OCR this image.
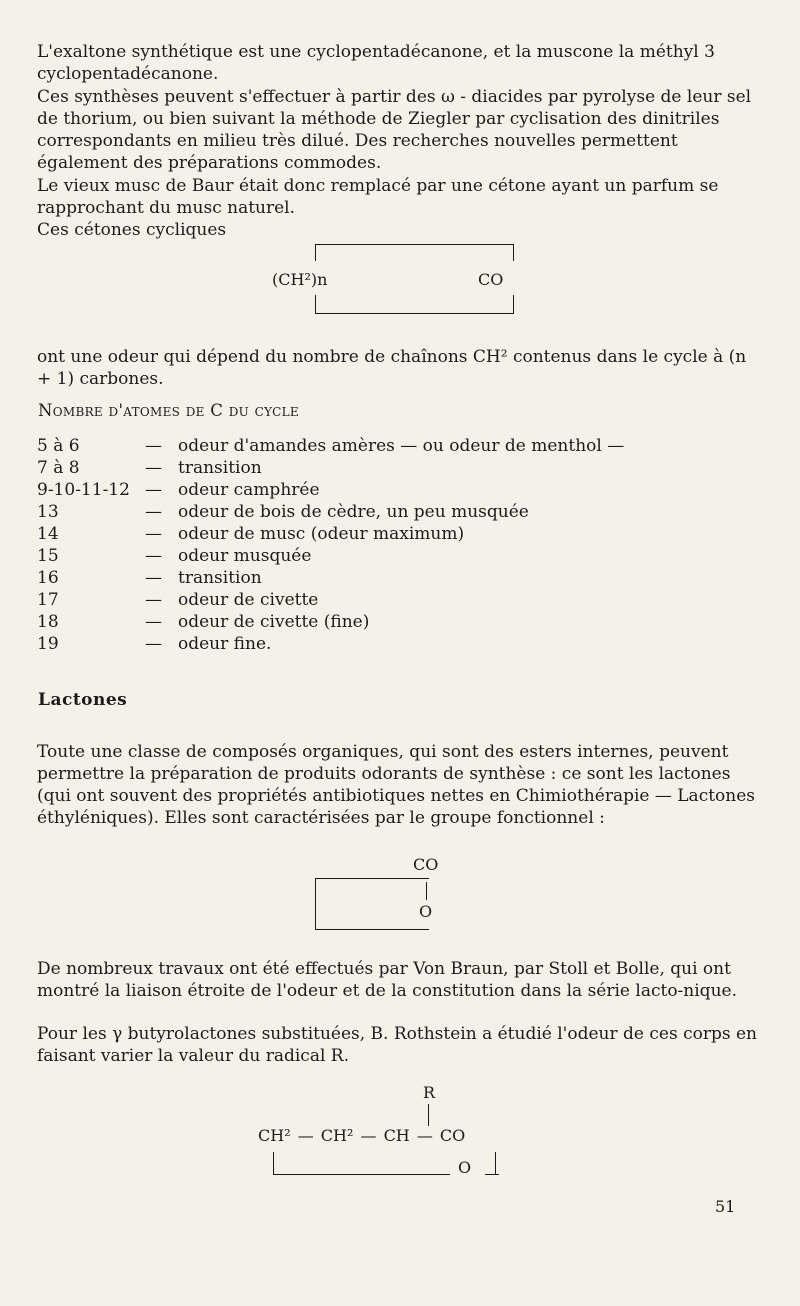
L'exaltone synthétique est une cyclopentadécanone, et la muscone la méthyl 3 cyclopentadécanone.

Ces synthèses peuvent s'effectuer à partir des ω - diacides par pyrolyse de leur sel de thorium, ou bien suivant la méthode de Ziegler par cyclisation des dinitriles correspondants en milieu très dilué. Des recherches nouvelles permettent également des préparations commodes.

Le vieux musc de Baur était donc remplacé par une cétone ayant un parfum se rapprochant du musc naturel.

Ces cétones cycliques

(CH²)n	CO

ont une odeur qui dépend du nombre de chaînons CH² contenus dans le cycle à (n + 1) carbones.

Nombre d'atomes de C du cycle
5 à 6	— odeur d'amandes amères — ou odeur de menthol —
7 à 8	— transition
9-10-11-12 — odeur camphrée
13	— odeur de bois de cèdre, un peu musquée
14	— odeur de musc (odeur maximum)
15	— odeur musquée
16	— transition
17	— odeur de civette
18	— odeur de civette (fine)
19	— odeur fine.
Lactones

Toute une classe de composés organiques, qui sont des esters internes, peuvent permettre la préparation de produits odorants de synthèse : ce sont les lactones (qui ont souvent des propriétés antibiotiques nettes en Chimiothérapie — Lactones éthyléniques). Elles sont caractérisées par le groupe fonctionnel :

CO
O

De nombreux travaux ont été effectués par Von Braun, par Stoll et Bolle, qui ont montré la liaison étroite de l'odeur et de la constitution dans la série lacto-nique.

Pour les γ butyrolactones substituées, B. Rothstein a étudié l'odeur de ces corps en faisant varier la valeur du radical R.

R
CH² — CH² — CH — CO
O
51
